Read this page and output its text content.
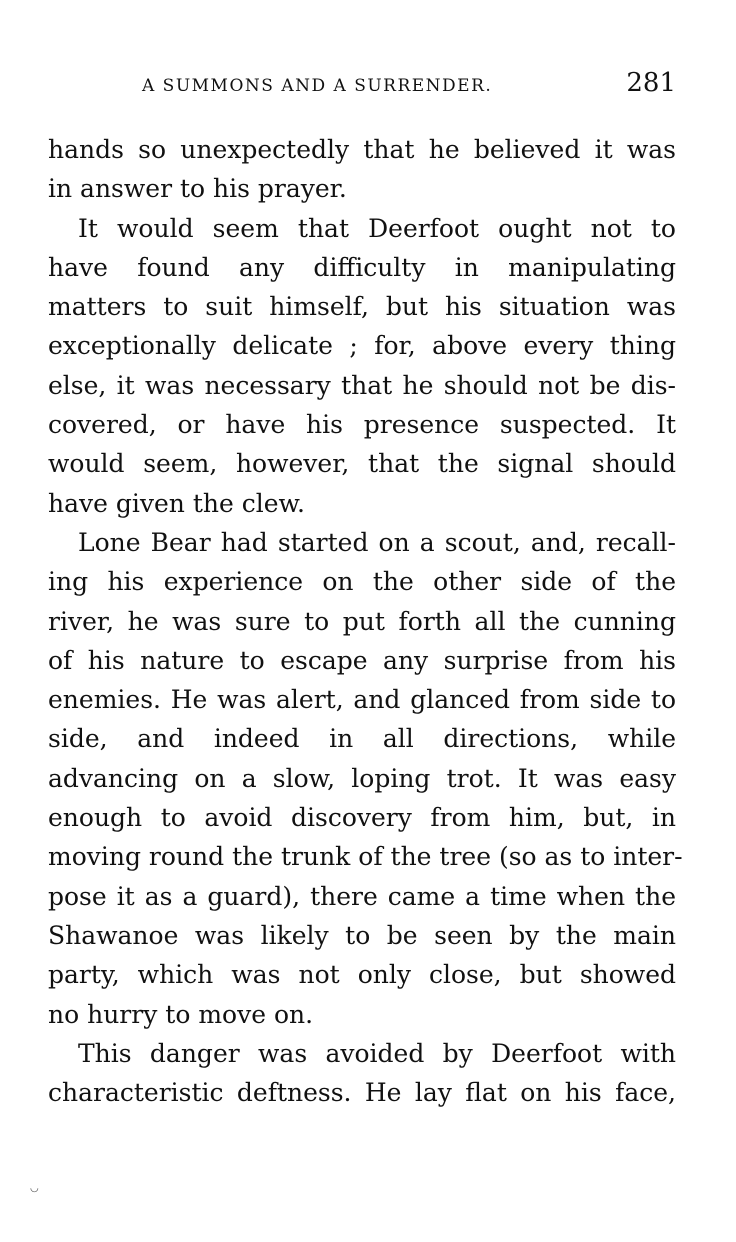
A SUMMONS AND A SURRENDER.	281
hands so unexpectedly that he believed it was
in answer to his prayer.
It would seem that Deerfoot ought not to
have found any difficulty in manipulating
matters to suit himself, but his situation was
exceptionally delicate ; for, above every thing
else, it was necessary that he should not be dis-
covered, or have his presence suspected. It
would seem, however, that the signal should
have given the clew.
Lone Bear had started on a scout, and, recall-
ing his experience on the other side of the
river, he was sure to put forth all the cunning
of his nature to escape any surprise from his
enemies. He was alert, and glanced from side to
side, and indeed in all directions, while
advancing on a slow, loping trot. It was easy
enough to avoid discovery from him, but, in
moving round the trunk of the tree (so as to inter-
pose it as a guard), there came a time when the
Shawanoe was likely to be seen by the main
party, which was not only close, but showed
no hurry to move on.
This danger was avoided by Deerfoot with
characteristic deftness. He lay flat on his face,
◡
